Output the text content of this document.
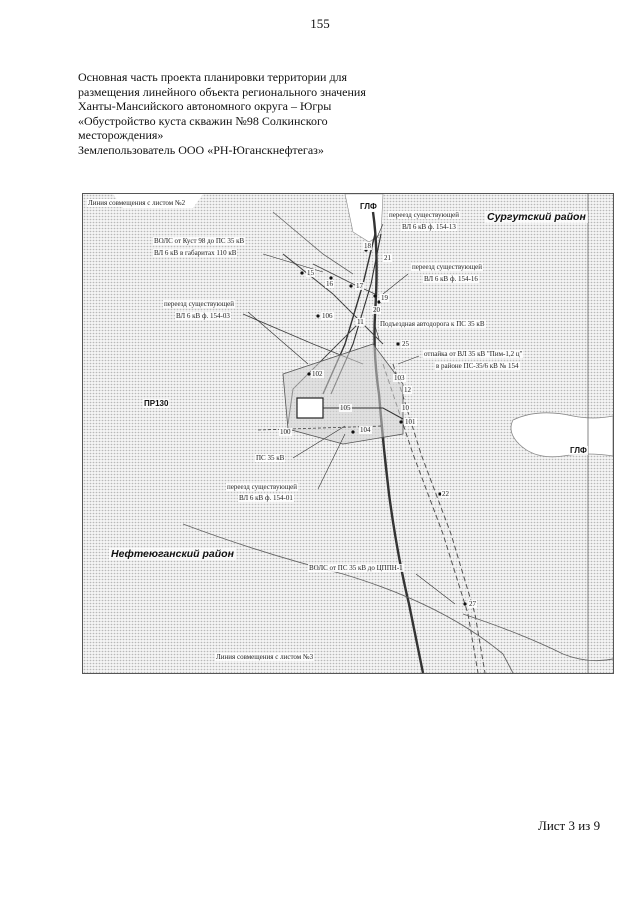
155
Основная часть проекта планировки территории для
размещения линейного объекта регионального значения
Ханты-Мансийского автономного округа – Югры
«Обустройство куста скважин №98 Солкинского
месторождения»
Землепользователь ООО «РН-Юганскнефтегаз»
15
16	17
18
19
20
11
25
102
106
104
100
101
10
105
103
12
21
22
27
Линия совмещения с листом №2
Линия совмещения с листом №3
ВОЛС от Куст 98 до ПС 35 кВ
ВЛ 6 кВ в габаритах 110 кВ
переезд существующей
ВЛ 6 кВ ф. 154-13
переезд существующей
ВЛ 6 кВ ф. 154-16
переезд существующей
ВЛ 6 кВ ф. 154-03
Подъездная автодорога к ПС 35 кВ
отпайка от ВЛ 35 кВ "Пим-1,2 ц"
в районе ПС-35/6 кВ № 154
ПС 35 кВ
переезд существующей
ВЛ 6 кВ ф. 154-01
ВОЛС от ПС 35 кВ до ЦППН-1
ГЛФ
ГЛФ
ПР130
Сургутский район
Нефтеюганский район
Лист 3 из 9
